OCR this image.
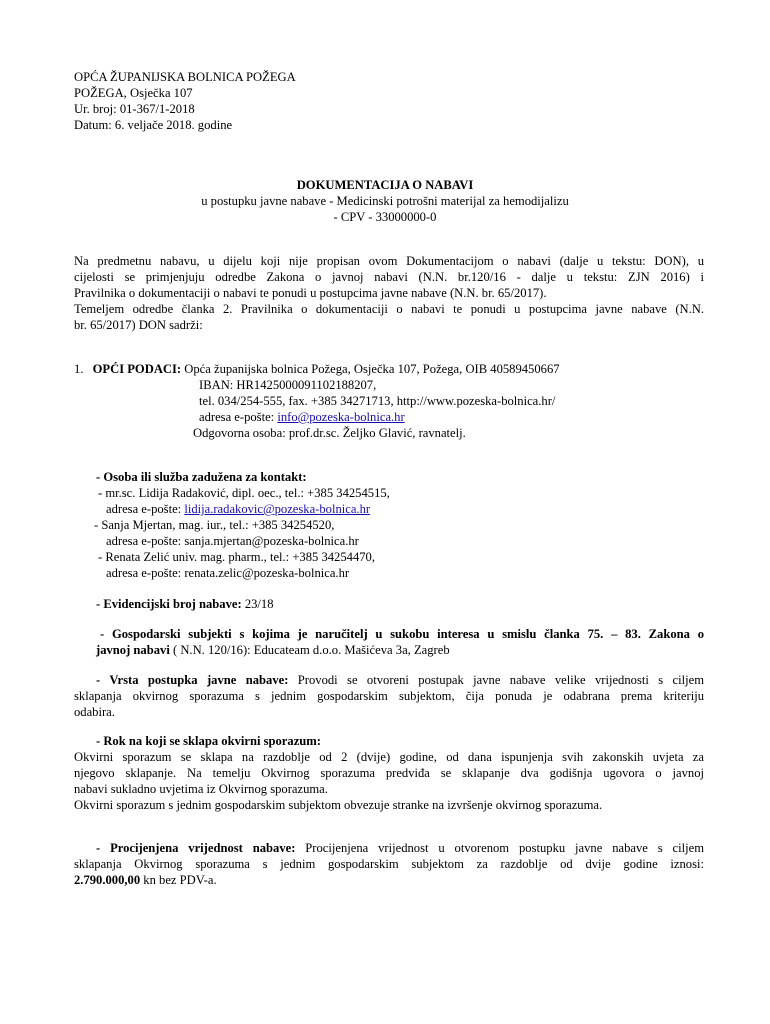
OPĆA ŽUPANIJSKA BOLNICA POŽEGA
POŽEGA, Osječka 107
Ur. broj: 01-367/1-2018
Datum: 6. veljače 2018. godine
DOKUMENTACIJA O NABAVI
u postupku javne nabave - Medicinski potrošni materijal za hemodijalizu
- CPV - 33000000-0
Na predmetnu nabavu, u dijelu koji nije propisan ovom Dokumentacijom o nabavi (dalje u tekstu: DON), u
cijelosti se primjenjuju odredbe Zakona o javnoj nabavi (N.N. br.120/16 - dalje u tekstu: ZJN 2016) i
Pravilnika o dokumentaciji o nabavi te ponudi u postupcima javne nabave (N.N. br. 65/2017).
Temeljem odredbe članka 2. Pravilnika o dokumentaciji o nabavi te ponudi u postupcima javne nabave (N.N.
br. 65/2017) DON sadrži:
1. OPĆI PODACI: Opća županijska bolnica Požega, Osječka 107, Požega, OIB 40589450667
IBAN: HR1425000091102188207,
tel. 034/254-555, fax. +385 34271713, http://www.pozeska-bolnica.hr/
adresa e-pošte: info@pozeska-bolnica.hr
Odgovorna osoba: prof.dr.sc. Željko Glavić, ravnatelj.
- Osoba ili služba zadužena za kontakt:
- mr.sc. Lidija Radaković, dipl. oec., tel.: +385 34254515,
adresa e-pošte: lidija.radakovic@pozeska-bolnica.hr
- Sanja Mjertan, mag. iur., tel.: +385 34254520,
adresa e-pošte: sanja.mjertan@pozeska-bolnica.hr
- Renata Zelić univ. mag. pharm., tel.: +385 34254470,
adresa e-pošte: renata.zelic@pozeska-bolnica.hr
- Evidencijski broj nabave: 23/18
- Gospodarski subjekti s kojima je naručitelj u sukobu interesa u smislu članka 75. – 83. Zakona o
javnoj nabavi ( N.N. 120/16): Educateam d.o.o. Mašićeva 3a, Zagreb
- Vrsta postupka javne nabave: Provodi se otvoreni postupak javne nabave velike vrijednosti s ciljem
sklapanja okvirnog sporazuma s jednim gospodarskim subjektom, čija ponuda je odabrana prema kriteriju
odabira.
- Rok na koji se sklapa okvirni sporazum:
Okvirni sporazum se sklapa na razdoblje od 2 (dvije) godine, od dana ispunjenja svih zakonskih uvjeta za
njegovo sklapanje. Na temelju Okvirnog sporazuma predviđa se sklapanje dva godišnja ugovora o javnoj
nabavi sukladno uvjetima iz Okvirnog sporazuma.
Okvirni sporazum s jednim gospodarskim subjektom obvezuje stranke na izvršenje okvirnog sporazuma.
- Procijenjena vrijednost nabave: Procijenjena vrijednost u otvorenom postupku javne nabave s ciljem
sklapanja Okvirnog sporazuma s jednim gospodarskim subjektom za razdoblje od dvije godine iznosi:
2.790.000,00 kn bez PDV-a.
